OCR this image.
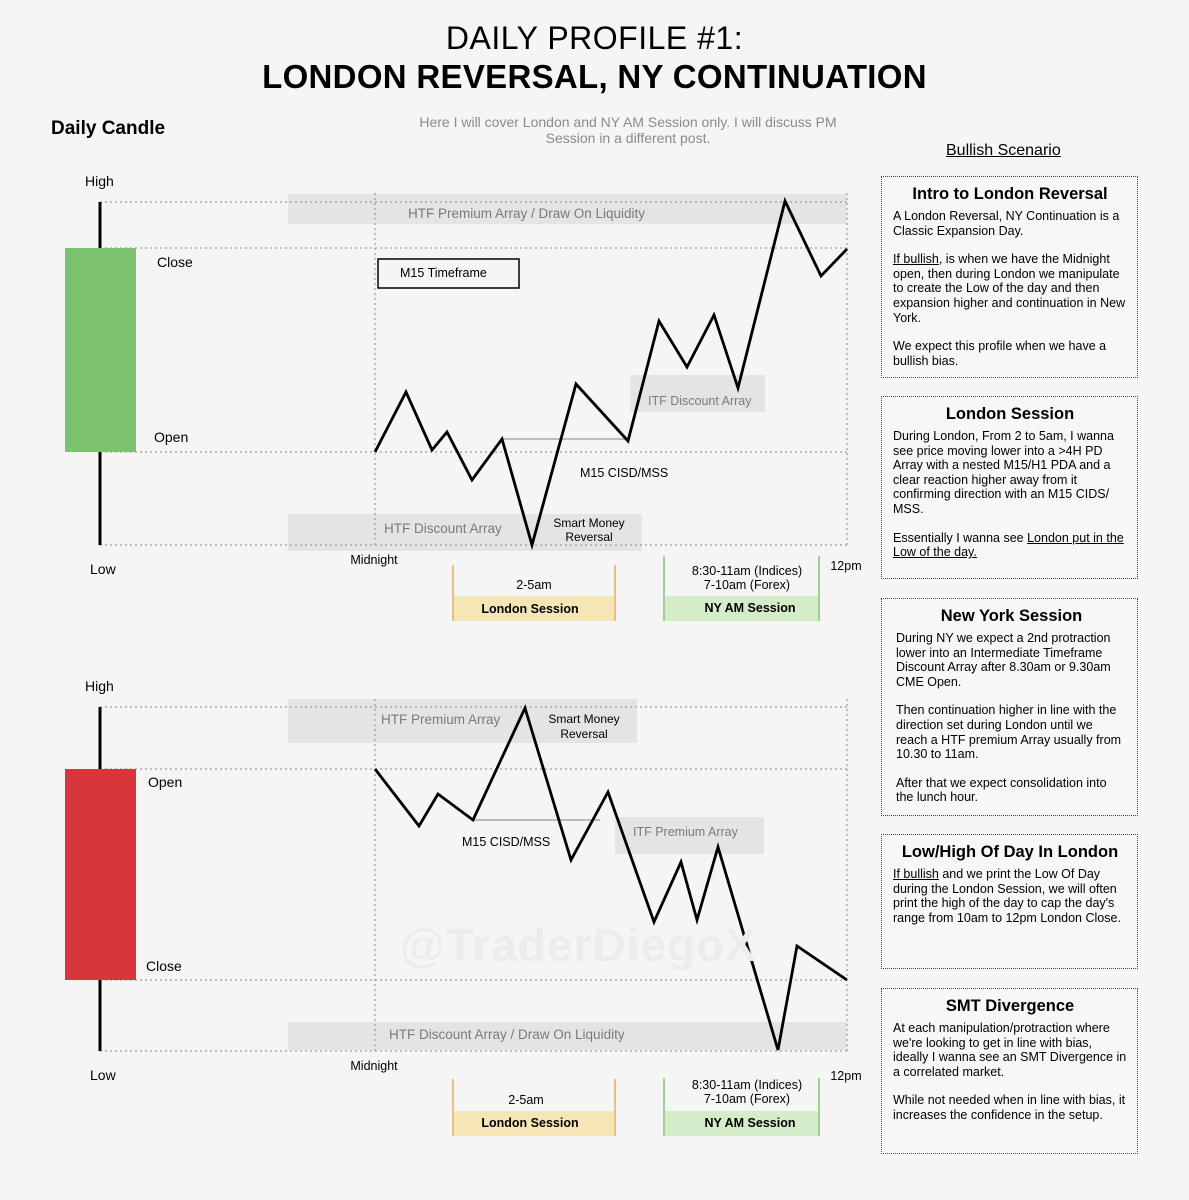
DAILY PROFILE #1:
LONDON REVERSAL, NY CONTINUATION
Daily Candle	Here I will cover London and NY AM Session only. I will discuss PM Session in a different post.
Bullish Scenario
High
Low
Close
Open
HTF Premium Array / Draw On Liquidity
M15 Timeframe
ITF Discount Array
M15 CISD/MSS
HTF Discount Array	Smart Money
Reversal
Midnight	12pm
2-5am
London Session
8:30-11am (Indices)
7-10am (Forex)
NY AM Session
High
Low
Open
Close
HTF Premium Array	Smart Money
Reversal
M15 CISD/MSS
ITF Premium Array
HTF Discount Array / Draw On Liquidity
Midnight
12pm
2-5am
London Session
8:30-11am (Indices)
7-10am (Forex)
NY AM Session
@TraderDiegoX
Intro to London Reversal

A London Reversal, NY Continuation is a Classic Expansion Day.

If bullish, is when we have the Midnight open, then during London we manipulate to create the Low of the day and then expansion higher and continuation in New York.

We expect this profile when we have a bullish bias.

London Session

During London, From 2 to 5am, I wanna see price moving lower into a >4H PD Array with a nested M15/H1 PDA and a clear reaction higher away from it confirming direction with an M15 CIDS/ MSS.

Essentially I wanna see London put in the Low of the day.

New York Session

During NY we expect a 2nd protraction lower into an Intermediate Timeframe Discount Array after 8.30am or 9.30am CME Open.

Then continuation higher in line with the direction set during London until we reach a HTF premium Array usually from 10.30 to 11am.

After that we expect consolidation into the lunch hour.

Low/High Of Day In London

If bullish and we print the Low Of Day during the London Session, we will often print the high of the day to cap the day's range from 10am to 12pm London Close.

SMT Divergence

At each manipulation/protraction where we're looking to get in line with bias, ideally I wanna see an SMT Divergence in a correlated market.

While not needed when in line with bias, it increases the confidence in the setup.
